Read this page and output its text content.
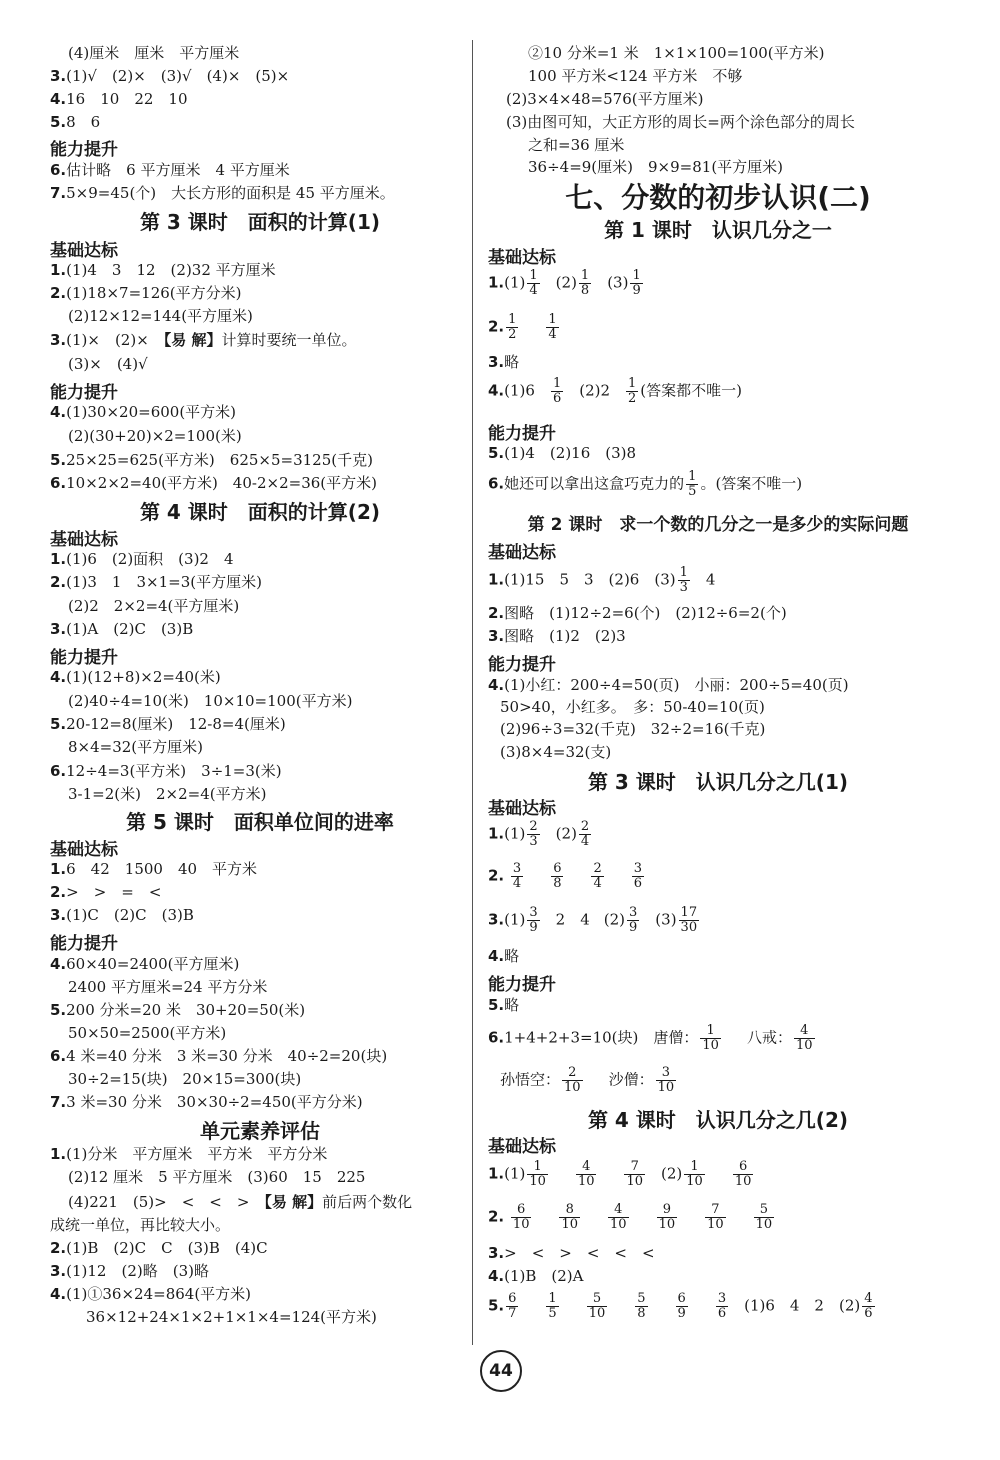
(4)厘米　厘米　平方厘米
3.(1)√　(2)×　(3)√　(4)×　(5)×
4.16　10　22　10
5.8　6
能力提升
6.估计略　6 平方厘米　4 平方厘米
7.5×9=45(个)　大长方形的面积是 45 平方厘米。
第 3 课时　面积的计算(1)
基础达标
1.(1)4　3　12　(2)32 平方厘米
2.(1)18×7=126(平方分米)
(2)12×12=144(平方厘米)
3.(1)×　(2)×　 【易 解】计算时要统一单位。
(3)×　(4)√
能力提升
4.(1)30×20=600(平方米)
(2)(30+20)×2=100(米)
5.25×25=625(平方米)　625×5=3125(千克)
6.10×2×2=40(平方米)　40-2×2=36(平方米)
第 4 课时　面积的计算(2)
基础达标
1.(1)6　(2)面积　(3)2　4
2.(1)3　1　3×1=3(平方厘米)
(2)2　2×2=4(平方厘米)
3.(1)A　(2)C　(3)B
能力提升
4.(1)(12+8)×2=40(米)
(2)40÷4=10(米)　10×10=100(平方米)
5.20-12=8(厘米)　12-8=4(厘米)
8×4=32(平方厘米)
6.12÷4=3(平方米)　3÷1=3(米)
3-1=2(米)　2×2=4(平方米)
第 5 课时　面积单位间的进率
基础达标
1.6　42　1500　40　平方米
2.>　>　=　<
3.(1)C　(2)C　(3)B
能力提升
4.60×40=2400(平方厘米)
2400 平方厘米=24 平方分米
5.200 分米=20 米　30+20=50(米)
50×50=2500(平方米)
6.4 米=40 分米　3 米=30 分米　40÷2=20(块)
30÷2=15(块)　20×15=300(块)
7.3 米=30 分米　30×30÷2=450(平方分米)
单元素养评估
1.(1)分米　平方厘米　平方米　平方分米
(2)12 厘米　5 平方厘米　(3)60　15　225
(4)221　(5)>　<　<　>　 【易 解】前后两个数化
成统一单位，再比较大小。
2.(1)B　(2)C　C　(3)B　(4)C
3.(1)12　(2)略　(3)略
4.(1)①36×24=864(平方米)
36×12+24×1×2+1×1×4=124(平方米)
②10 分米=1 米　1×1×100=100(平方米)
100 平方米<124 平方米　不够
(2)3×4×48=576(平方厘米)
(3)由图可知，大正方形的周长=两个涂色部分的周长
之和=36 厘米
36÷4=9(厘米)　9×9=81(平方厘米)
七、分数的初步认识(二)
第 1 课时　认识几分之一
基础达标
$1.(1) \frac{1}{4} (2) \frac{1}{8} (3) \frac{1}{9}$
2. $\frac{1}{2} \frac{1}{4}$
3.略
$4.(1)6 \frac{1}{6} (2)2 \frac{1}{2}$ (答案都不唯一)
能力提升
5.(1)4　(2)16　(3)8
6.她还可以拿出这盒巧克力的 $\frac{1}{5}$ 。(答案不唯一)
第 2 课时　求一个数的几分之一是多少的实际问题
基础达标
1.(1)15　5　3　(2)6　$(3) \frac{1}{3} 4$
2.图略　(1)12÷2=6(个)　(2)12÷6=2(个)
3.图略　(1)2　(2)3
能力提升
4.(1)小红：200÷4=50(页)　小丽：200÷5=40(页)
50>40，小红多。　多：50-40=10(页)
(2)96÷3=32(千克)　32÷2=16(千克)
(3)8×4=32(支)
第 3 课时　认识几分之几(1)
基础达标
$1.(1) \frac{2}{3} (2) \frac{2}{4}$
2. $\frac{3}{4} \frac{6}{8} \frac{2}{4} \frac{3}{6}$
$3.(1) \frac{3}{9} 2$　4 $(2) \frac{3}{9} (3) \frac{17}{30}$
4.略
能力提升
5.略
6.1+4+2+3=10(块)　唐僧： $\frac{1}{10}$ 八戒： $\frac{4}{10}$
孙悟空： $\frac{2}{10}$ 沙僧： $\frac{3}{10}$
第 4 课时　认识几分之几(2)
基础达标
$1.(1) \frac{1}{10} \frac{4}{10} \frac{7}{10} (2) \frac{1}{10} \frac{6}{10}$
2. $\frac{6}{10} \frac{8}{10} \frac{4}{10} \frac{9}{10} \frac{7}{10} \frac{5}{10}$
3.>　<　>　<　<　<
4.(1)B　(2)A
5. $\frac{6}{7} \frac{1}{5} \frac{5}{10} \frac{5}{8} \frac{6}{9} \frac{3}{6} (1)6$　4　2　$(2) \frac{4}{6}$
44
